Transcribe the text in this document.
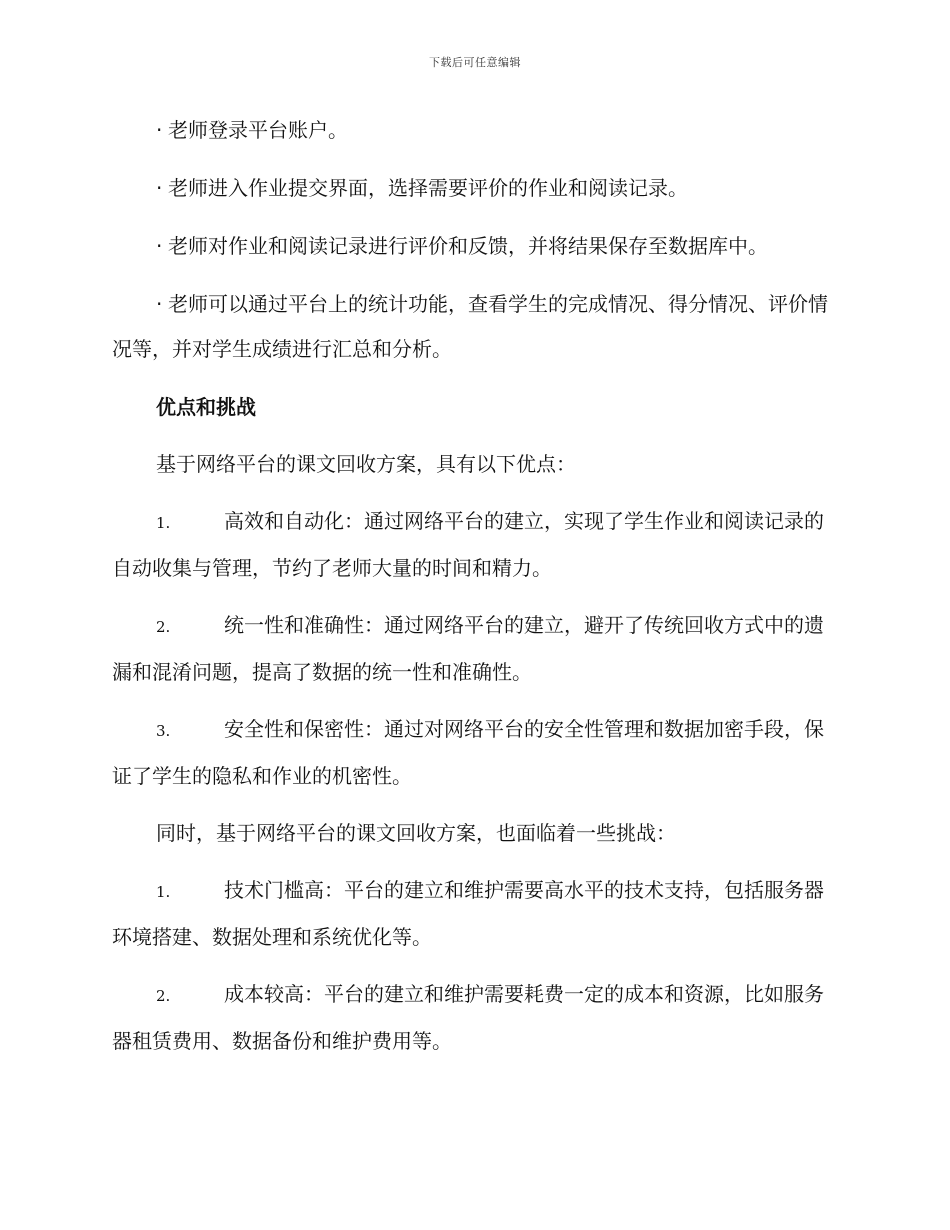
下载后可任意编辑

· 老师登录平台账户。

· 老师进入作业提交界面，选择需要评价的作业和阅读记录。

· 老师对作业和阅读记录进行评价和反馈，并将结果保存至数据库中。

· 老师可以通过平台上的统计功能，查看学生的完成情况、得分情况、评价情况等，并对学生成绩进行汇总和分析。

优点和挑战

基于网络平台的课文回收方案，具有以下优点：

1.	高效和自动化：通过网络平台的建立，实现了学生作业和阅读记录的自动收集与管理，节约了老师大量的时间和精力。

2.	统一性和准确性：通过网络平台的建立，避开了传统回收方式中的遗漏和混淆问题，提高了数据的统一性和准确性。

3.	安全性和保密性：通过对网络平台的安全性管理和数据加密手段，保证了学生的隐私和作业的机密性。

同时，基于网络平台的课文回收方案，也面临着一些挑战：

1.	技术门槛高：平台的建立和维护需要高水平的技术支持，包括服务器环境搭建、数据处理和系统优化等。

2.	成本较高：平台的建立和维护需要耗费一定的成本和资源，比如服务器租赁费用、数据备份和维护费用等。
